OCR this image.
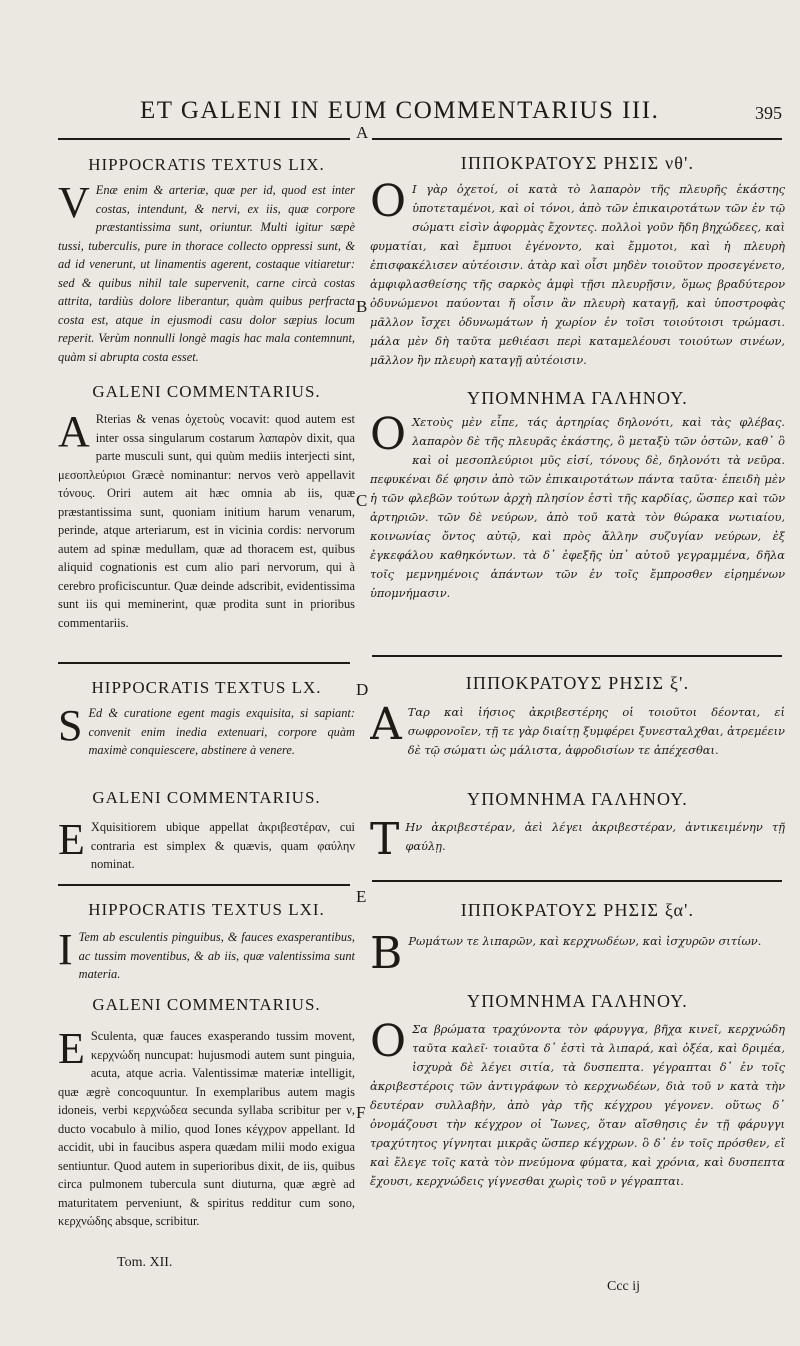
ET GALENI IN EUM COMMENTARIUS III.	395
A
B
C
D
E
F

HIPPOCRATIS TEXTUS LIX.

V Enæ enim & arteriæ, quæ per id, quod est inter costas, intendunt, & nervi, ex iis, quæ corpore præstantissima sunt, oriuntur. Multi igitur sæpè tussi, tuberculis, pure in thorace collecto oppressi sunt, & ad id venerunt, ut linamentis agerent, costaque vitiaretur: sed & quibus nihil tale supervenit, carne circà costas attrita, tardiùs dolore liberantur, quàm quibus perfracta costa est, atque in ejusmodi casu dolor sæpius locum reperit. Verùm nonnulli longè magis hac mala contemnunt, quàm si abrupta costa esset.

GALENI COMMENTARIUS.

A Rterias & venas ὀχετοὺς vocavit: quod autem est inter ossa singularum costarum λαπαρὸν dixit, qua parte musculi sunt, qui quùm mediis interjecti sint, μεσοπλεύριοι Græcè nominantur: nervos verò appellavit τόνους. Oriri autem ait hæc omnia ab iis, quæ præstantissima sunt, quoniam initium harum venarum, perinde, atque arteriarum, est in vicinia cordis: nervorum autem ad spinæ medullam, quæ ad thoracem est, quibus aliquid cognationis est cum alio pari nervorum, qui à cerebro proficiscuntur. Quæ deinde adscribit, evidentissima sunt iis qui meminerint, quæ prodita sunt in prioribus commentariis.

HIPPOCRATIS TEXTUS LX.

S Ed & curatione egent magis exquisita, si sapiant: convenit enim inedia extenuari, corpore quàm maximè conquiescere, abstinere à venere.

GALENI COMMENTARIUS.

E Xquisitiorem ubique appellat ἀκριβεστέραν, cui contraria est simplex & quævis, quam φαύλην nominat.

HIPPOCRATIS TEXTUS LXI.

I Tem ab esculentis pinguibus, & fauces exasperantibus, ac tussim moventibus, & ab iis, quæ valentissima sunt materia.

GALENI COMMENTARIUS.

E Sculenta, quæ fauces exasperando tussim movent, κερχνώδη nuncupat: hujusmodi autem sunt pinguia, acuta, atque acria. Valentissimæ materiæ intelligit, quæ ægrè concoquuntur. In exemplaribus autem magis idoneis, verbi κερχνώδεα secunda syllaba scribitur per ν, ducto vocabulo à milio, quod Iones κέγχρον appellant. Id accidit, ubi in faucibus aspera quædam milii modo exigua sentiuntur. Quod autem in superioribus dixit, de iis, quibus circa pulmonem tubercula sunt diuturna, quæ ægrè ad maturitatem perveniunt, & spiritus redditur cum sono, κερχνώδης absque, scribitur.

Tom. XII.

ΙΠΠΟΚΡΑΤΟΥΣ ΡΗΣΙΣ νθ'.

Ο Ι γὰρ ὀχετοί, οἱ κατὰ τὸ λαπαρὸν τῆς πλευρῆς ἑκάστης ὑποτεταμένοι, καὶ οἱ τόνοι, ἀπὸ τῶν ἐπικαιροτάτων τῶν ἐν τῷ σώματι εἰσὶν ἀφορμὰς ἔχοντες. πολλοὶ γοῦν ἤδη βηχώδεες, καὶ φυματίαι, καὶ ἔμπυοι ἐγένοντο, καὶ ἔμμοτοι, καὶ ἡ πλευρὴ ἐπισφακέλισεν αὐτέοισιν. ἀτὰρ καὶ οἷσι μηδὲν τοιοῦτον προσεγένετο, ἀμφιφλασθείσης τῆς σαρκὸς ἀμφὶ τῇσι πλευρῇσιν, ὅμως βραδύτερον ὀδυνώμενοι παύονται ἤ οἷσιν ἂν πλευρὴ καταγῇ, καὶ ὑποστροφὰς μᾶλλον ἴσχει ὀδυνωμάτων ἡ χωρίον ἐν τοῖσι τοιούτοισι τρώμασι. μάλα μὲν δὴ ταῦτα μεθιέασι περὶ καταμελέουσι τοιούτων σινέων, μᾶλλον ἢν πλευρὴ καταγῇ αὐτέοισιν.

ΥΠΟΜΝΗΜΑ ΓΑΛΗΝΟΥ.

Ο Χετοὺς μὲν εἶπε, τάς ἀρτηρίας δηλονότι, καὶ τὰς φλέβας. λαπαρὸν δὲ τῆς πλευρᾶς ἑκάστης, ὃ μεταξὺ τῶν ὀστῶν, καθ᾽ ὃ καὶ οἱ μεσοπλεύριοι μῦς εἰσί, τόνους δὲ, δηλονότι τὰ νεῦρα. πεφυκέναι δέ φησιν ἀπὸ τῶν ἐπικαιροτάτων πάντα ταῦτα· ἐπειδὴ μὲν ἡ τῶν φλεβῶν τούτων ἀρχὴ πλησίον ἐστὶ τῆς καρδίας, ὥσπερ καὶ τῶν ἀρτηριῶν. τῶν δὲ νεύρων, ἀπὸ τοῦ κατὰ τὸν θώρακα νωτιαίου, κοινωνίας ὄντος αὐτῷ, καὶ πρὸς ἄλλην συζυγίαν νεύρων, ἐξ ἐγκεφάλου καθηκόντων. τὰ δ᾽ ἐφεξῆς ὑπ᾽ αὐτοῦ γεγραμμένα, δῆλα τοῖς μεμνημένοις ἁπάντων τῶν ἐν τοῖς ἔμπροσθεν εἰρημένων ὑπομνήμασιν.

ΙΠΠΟΚΡΑΤΟΥΣ ΡΗΣΙΣ ξ'.

Α Ταρ καὶ ἰήσιος ἀκριβεστέρης οἱ τοιοῦτοι δέονται, εἰ σωφρονοῖεν, τῇ τε γὰρ διαίτῃ ξυμφέρει ξυνεσταλχθαι, ἀτρεμέειν δὲ τῷ σώματι ὡς μάλιστα, ἀφροδισίων τε ἀπέχεσθαι.

ΥΠΟΜΝΗΜΑ ΓΑΛΗΝΟΥ.

Τ Ην ἀκριβεστέραν, ἀεὶ λέγει ἀκριβεστέραν, ἀντικειμένην τῇ φαύλῃ.

ΙΠΠΟΚΡΑΤΟΥΣ ΡΗΣΙΣ ξα'.

Β Ρωμάτων τε λιπαρῶν, καὶ κερχνωδέων, καὶ ἰσχυρῶν σιτίων.

ΥΠΟΜΝΗΜΑ ΓΑΛΗΝΟΥ.

Ο Σα βρώματα τραχύνοντα τὸν φάρυγγα, βῆχα κινεῖ, κερχνώδη ταῦτα καλεῖ· τοιαῦτα δ᾽ ἐστὶ τὰ λιπαρά, καὶ ὀξέα, καὶ δριμέα, ἰσχυρὰ δὲ λέγει σιτία, τὰ δυσπεπτα. γέγραπται δ᾽ ἐν τοῖς ἀκριβεστέροις τῶν ἀντιγράφων τὸ κερχνωδέων, διὰ τοῦ ν κατὰ τὴν δευτέραν συλλαβὴν, ἀπὸ γὰρ τῆς κέγχρου γέγονεν. οὕτως δ᾽ ὀνομάζουσι τὴν κέγχρον οἱ Ἴωνες, ὅταν αἴσθησις ἐν τῇ φάρυγγι τραχύτητος γίγνηται μικρᾶς ὥσπερ κέγχρων. ὃ δ᾽ ἐν τοῖς πρόσθεν, εἴ καὶ ἔλεγε τοῖς κατὰ τὸν πνεύμονα φύματα, καὶ χρόνια, καὶ δυσπεπτα ἔχουσι, κερχνώδεις γίγνεσθαι χωρὶς τοῦ ν γέγραπται.

Ccc ij
